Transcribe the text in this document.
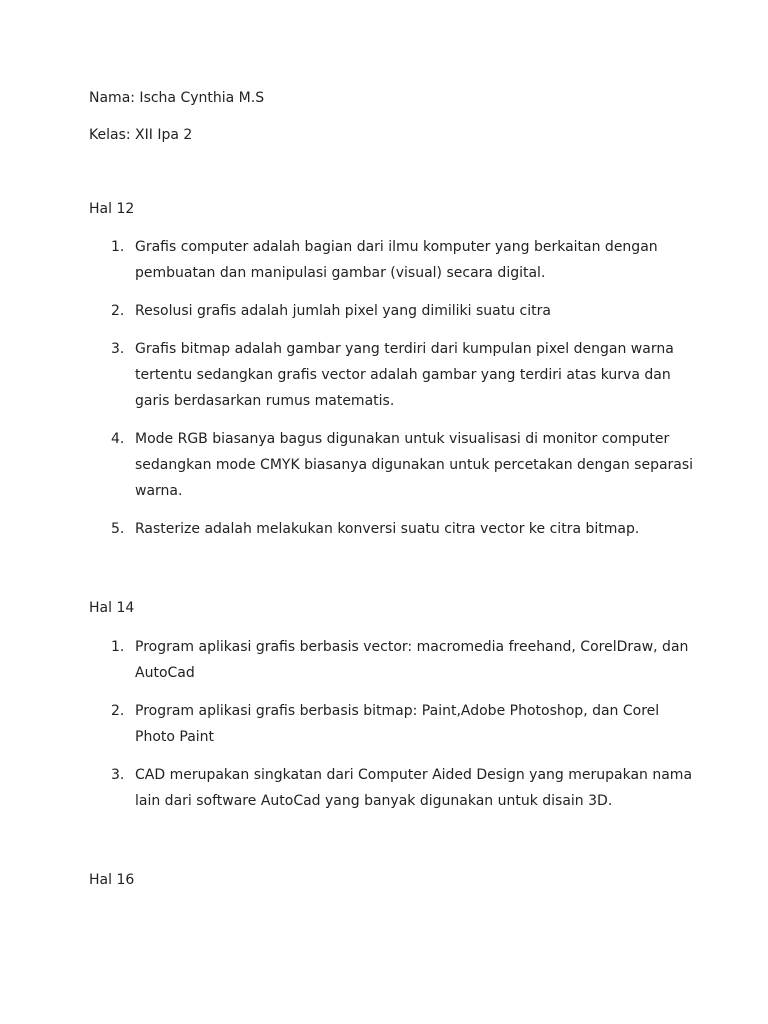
Nama: Ischa Cynthia M.S
Kelas: XII Ipa 2
Hal 12
1. Grafis computer adalah bagian dari ilmu komputer yang berkaitan dengan pembuatan dan manipulasi gambar (visual) secara digital.
2. Resolusi grafis adalah jumlah pixel yang dimiliki suatu citra
3. Grafis bitmap adalah gambar yang terdiri dari kumpulan pixel dengan warna tertentu sedangkan grafis vector adalah gambar yang terdiri atas kurva dan garis berdasarkan rumus matematis.
4. Mode RGB biasanya bagus digunakan untuk visualisasi di monitor computer sedangkan mode CMYK biasanya digunakan untuk percetakan dengan separasi warna.
5. Rasterize adalah melakukan konversi suatu citra vector ke citra bitmap.
Hal 14
1. Program aplikasi grafis berbasis vector: macromedia freehand, CorelDraw, dan AutoCad
2. Program aplikasi grafis berbasis bitmap: Paint,Adobe Photoshop, dan Corel Photo Paint
3. CAD merupakan singkatan dari Computer Aided Design yang merupakan nama lain dari software AutoCad yang banyak digunakan untuk disain 3D.
Hal 16
